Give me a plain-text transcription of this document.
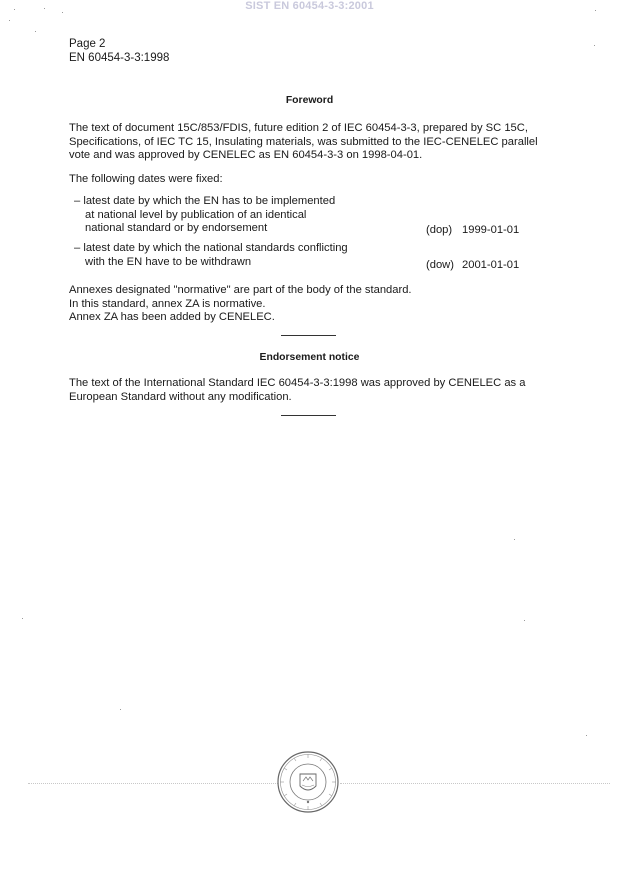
SIST EN 60454-3-3:2001
Page 2
EN 60454-3-3:1998
Foreword
The text of document 15C/853/FDIS, future edition 2 of IEC 60454-3-3, prepared by SC 15C,
Specifications, of IEC TC 15, Insulating materials, was submitted to the IEC-CENELEC parallel
vote and was approved by CENELEC as EN 60454-3-3 on 1998-04-01.
The following dates were fixed:
– latest date by which the EN has to be implemented
at national level by publication of an identical
national standard or by endorsement	(dop) 1999-01-01
– latest date by which the national standards conflicting
with the EN have to be withdrawn	(dow) 2001-01-01
Annexes designated "normative" are part of the body of the standard.
In this standard, annex ZA is normative.
Annex ZA has been added by CENELEC.
Endorsement notice
The text of the International Standard IEC 60454-3-3:1998 was approved by CENELEC as a
European Standard without any modification.
